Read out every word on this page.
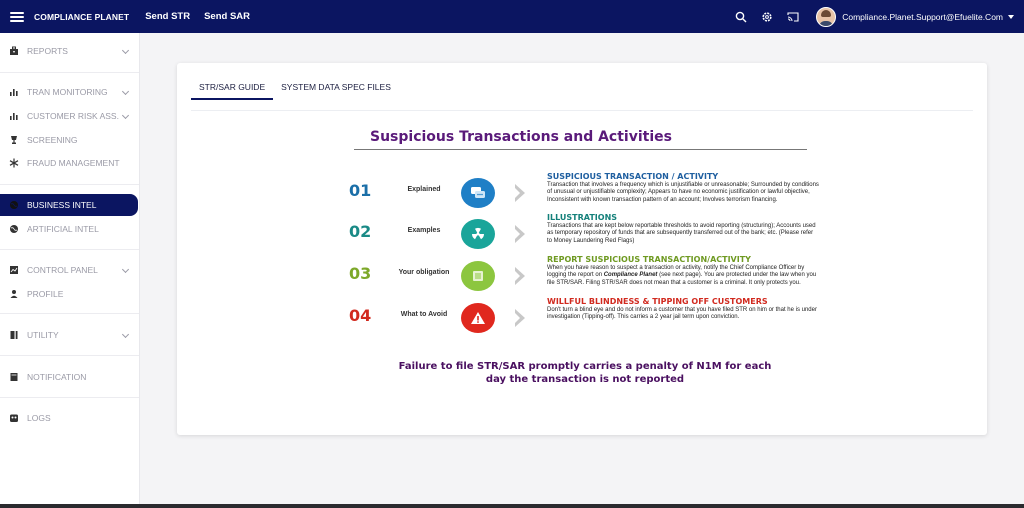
COMPLIANCE PLANET Send STR Send SAR	Compliance.Planet.Support@Efuelite.Com
REPORTS
TRAN MONITORING
CUSTOMER RISK ASS.
SCREENING
FRAUD MANAGEMENT
BUSINESS INTEL
ARTIFICIAL INTEL
CONTROL PANEL
PROFILE
UTILITY
NOTIFICATION
LOGS
STR/SAR GUIDE	SYSTEM DATA SPEC FILES
Suspicious Transactions and Activities
01	Explained
SUSPICIOUS TRANSACTION / ACTIVITY
Transaction that involves a frequency which is unjustifiable or unreasonable; Surrounded by conditions of unusual or unjustifiable complexity; Appears to have no economic justification or lawful objective, Inconsistent with known transaction pattern of an account; Involves terrorism financing.
02	Examples
ILLUSTRATIONS
Transactions that are kept below reportable thresholds to avoid reporting (structuring); Accounts used as temporary repository of funds that are subsequently transferred out of the bank; etc. (Please refer to Money Laundering Red Flags)
03	Your obligation
REPORT SUSPICIOUS TRANSACTION/ACTIVITY
When you have reason to suspect a transaction or activity, notify the Chief Compliance Officer by logging the report on Compliance Planet (see next page). You are protected under the law when you file STR/SAR. Filing STR/SAR does not mean that a customer is a criminal. It only protects you.
04	What to Avoid
WILLFUL BLINDNESS & TIPPING OFF CUSTOMERS
Don't turn a blind eye and do not inform a customer that you have filed STR on him or that he is under investigation (Tipping-off). This carries a 2 year jail term upon conviction.
Failure to file STR/SAR promptly carries a penalty of N1M for each
day the transaction is not reported
